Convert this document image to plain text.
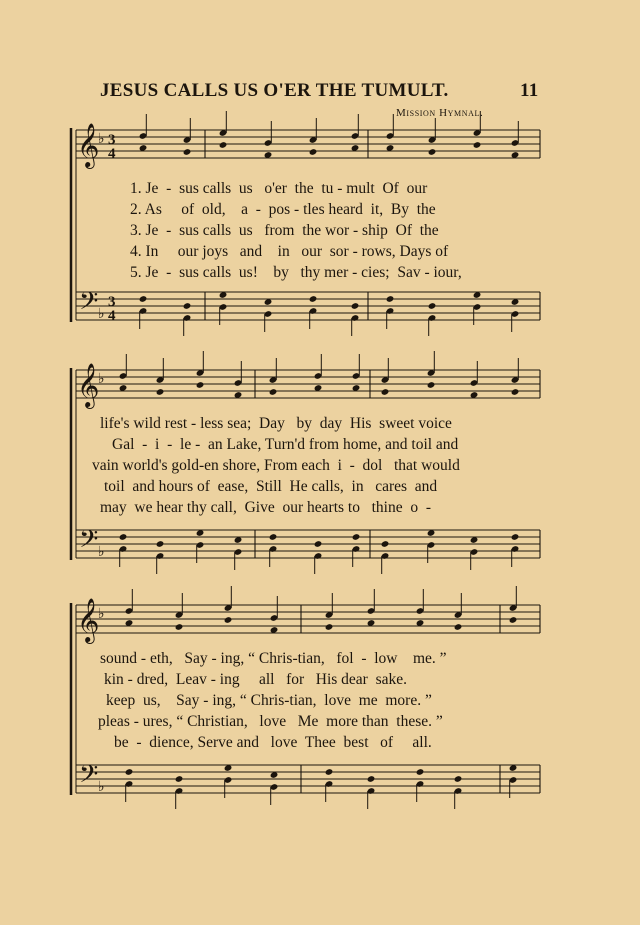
JESUS CALLS US O'ER THE TUMULT.	11
Mission Hymnal.
𝄞
𝄢
♭
♭
3
4
3
4
𝄞
𝄢
♭
♭
𝄞
𝄢
♭
♭
1. Je  -  sus calls  us   o'er  the  tu - mult  Of  our
2. As     of  old,    a  -  pos - tles heard  it,  By  the
3. Je  -  sus calls  us   from  the wor - ship  Of  the
4. In     our joys   and    in   our  sor - rows, Days of
5. Je  -  sus calls  us!    by   thy mer - cies;  Sav - iour,
life's wild rest - less sea;  Day   by  day  His  sweet voice
Gal  -  i  -  le -  an Lake, Turn'd from home, and toil and
vain world's gold-en shore, From each  i  -  dol   that would
toil  and hours of  ease,  Still  He calls,  in   cares  and
may  we hear thy call,  Give  our hearts to   thine  o  -
sound - eth,   Say - ing, “ Chris-tian,   fol  -  low    me. ”
kin - dred,  Leav - ing     all   for   His dear  sake.
keep  us,    Say - ing, “ Chris-tian,  love  me  more. ”
pleas - ures, “ Christian,   love   Me  more than  these. ”
be  -  dience, Serve and   love  Thee  best   of     all.
